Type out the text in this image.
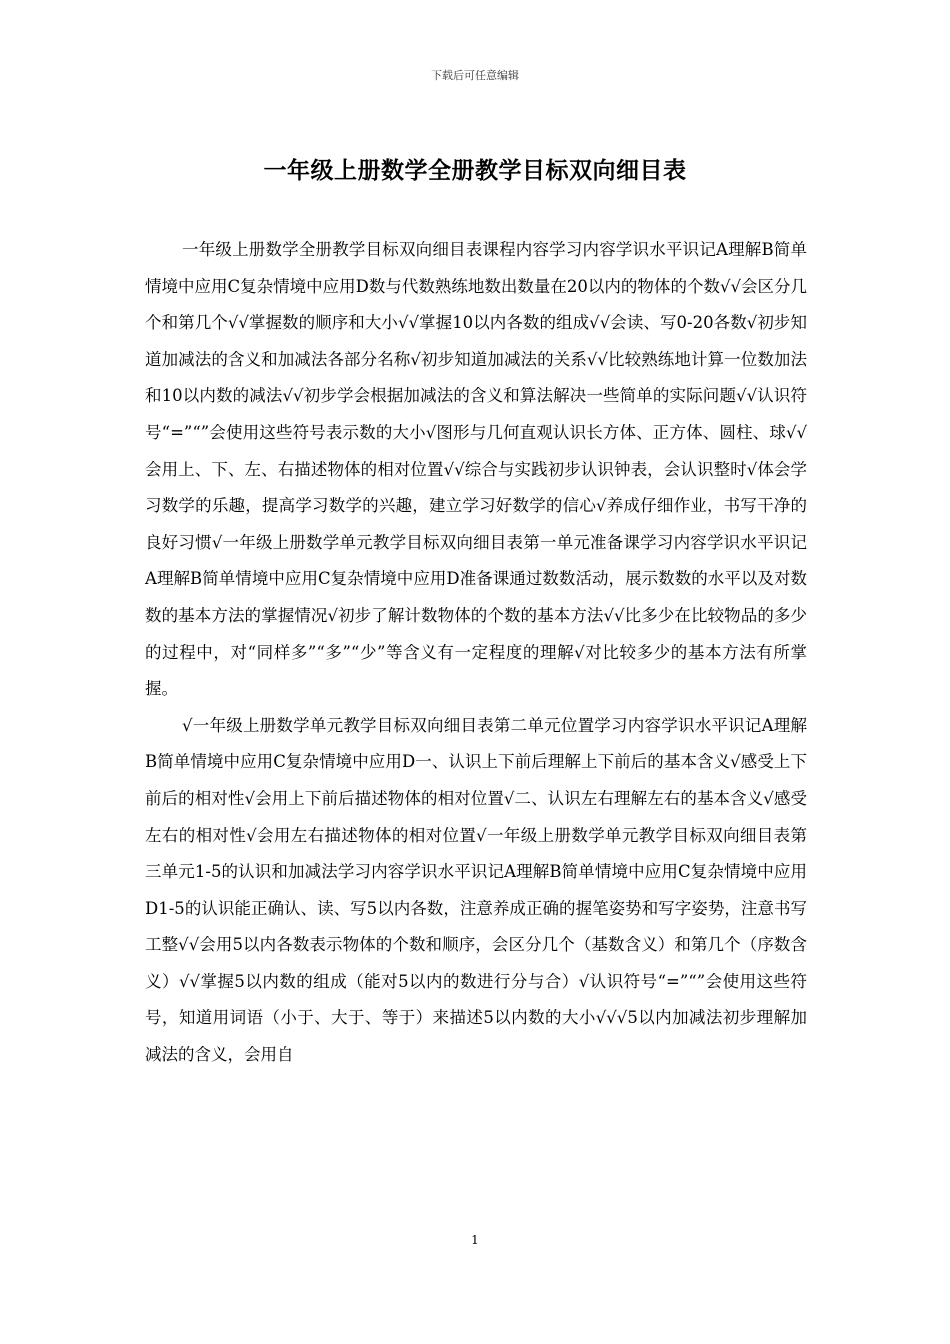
下载后可任意编辑
一年级上册数学全册教学目标双向细目表

一年级上册数学全册教学目标双向细目表课程内容学习内容学识水平识记A理解B简单情境中应用C复杂情境中应用D数与代数熟练地数出数量在20以内的物体的个数√√会区分几个和第几个√√掌握数的顺序和大小√√掌握10以内各数的组成√√会读、写0-20各数√初步知道加减法的含义和加减法各部分名称√初步知道加减法的关系√√比较熟练地计算一位数加法和10以内数的减法√√初步学会根据加减法的含义和算法解决一些简单的实际问题√√认识符号“=”“”会使用这些符号表示数的大小√图形与几何直观认识长方体、正方体、圆柱、球√√会用上、下、左、右描述物体的相对位置√√综合与实践初步认识钟表，会认识整时√体会学习数学的乐趣，提高学习数学的兴趣，建立学习好数学的信心√养成仔细作业，书写干净的良好习惯√一年级上册数学单元教学目标双向细目表第一单元准备课学习内容学识水平识记A理解B简单情境中应用C复杂情境中应用D准备课通过数数活动，展示数数的水平以及对数数的基本方法的掌握情况√初步了解计数物体的个数的基本方法√√比多少在比较物品的多少的过程中，对“同样多”“多”“少”等含义有一定程度的理解√对比较多少的基本方法有所掌握。

√一年级上册数学单元教学目标双向细目表第二单元位置学习内容学识水平识记A理解B简单情境中应用C复杂情境中应用D一、认识上下前后理解上下前后的基本含义√感受上下前后的相对性√会用上下前后描述物体的相对位置√二、认识左右理解左右的基本含义√感受左右的相对性√会用左右描述物体的相对位置√一年级上册数学单元教学目标双向细目表第三单元1-5的认识和加减法学习内容学识水平识记A理解B简单情境中应用C复杂情境中应用D1-5的认识能正确认、读、写5以内各数，注意养成正确的握笔姿势和写字姿势，注意书写工整√√会用5以内各数表示物体的个数和顺序，会区分几个（基数含义）和第几个（序数含义）√√掌握5以内数的组成（能对5以内的数进行分与合）√认识符号“=”“”会使用这些符号，知道用词语（小于、大于、等于）来描述5以内数的大小√√√5以内加减法初步理解加减法的含义，会用自

1
